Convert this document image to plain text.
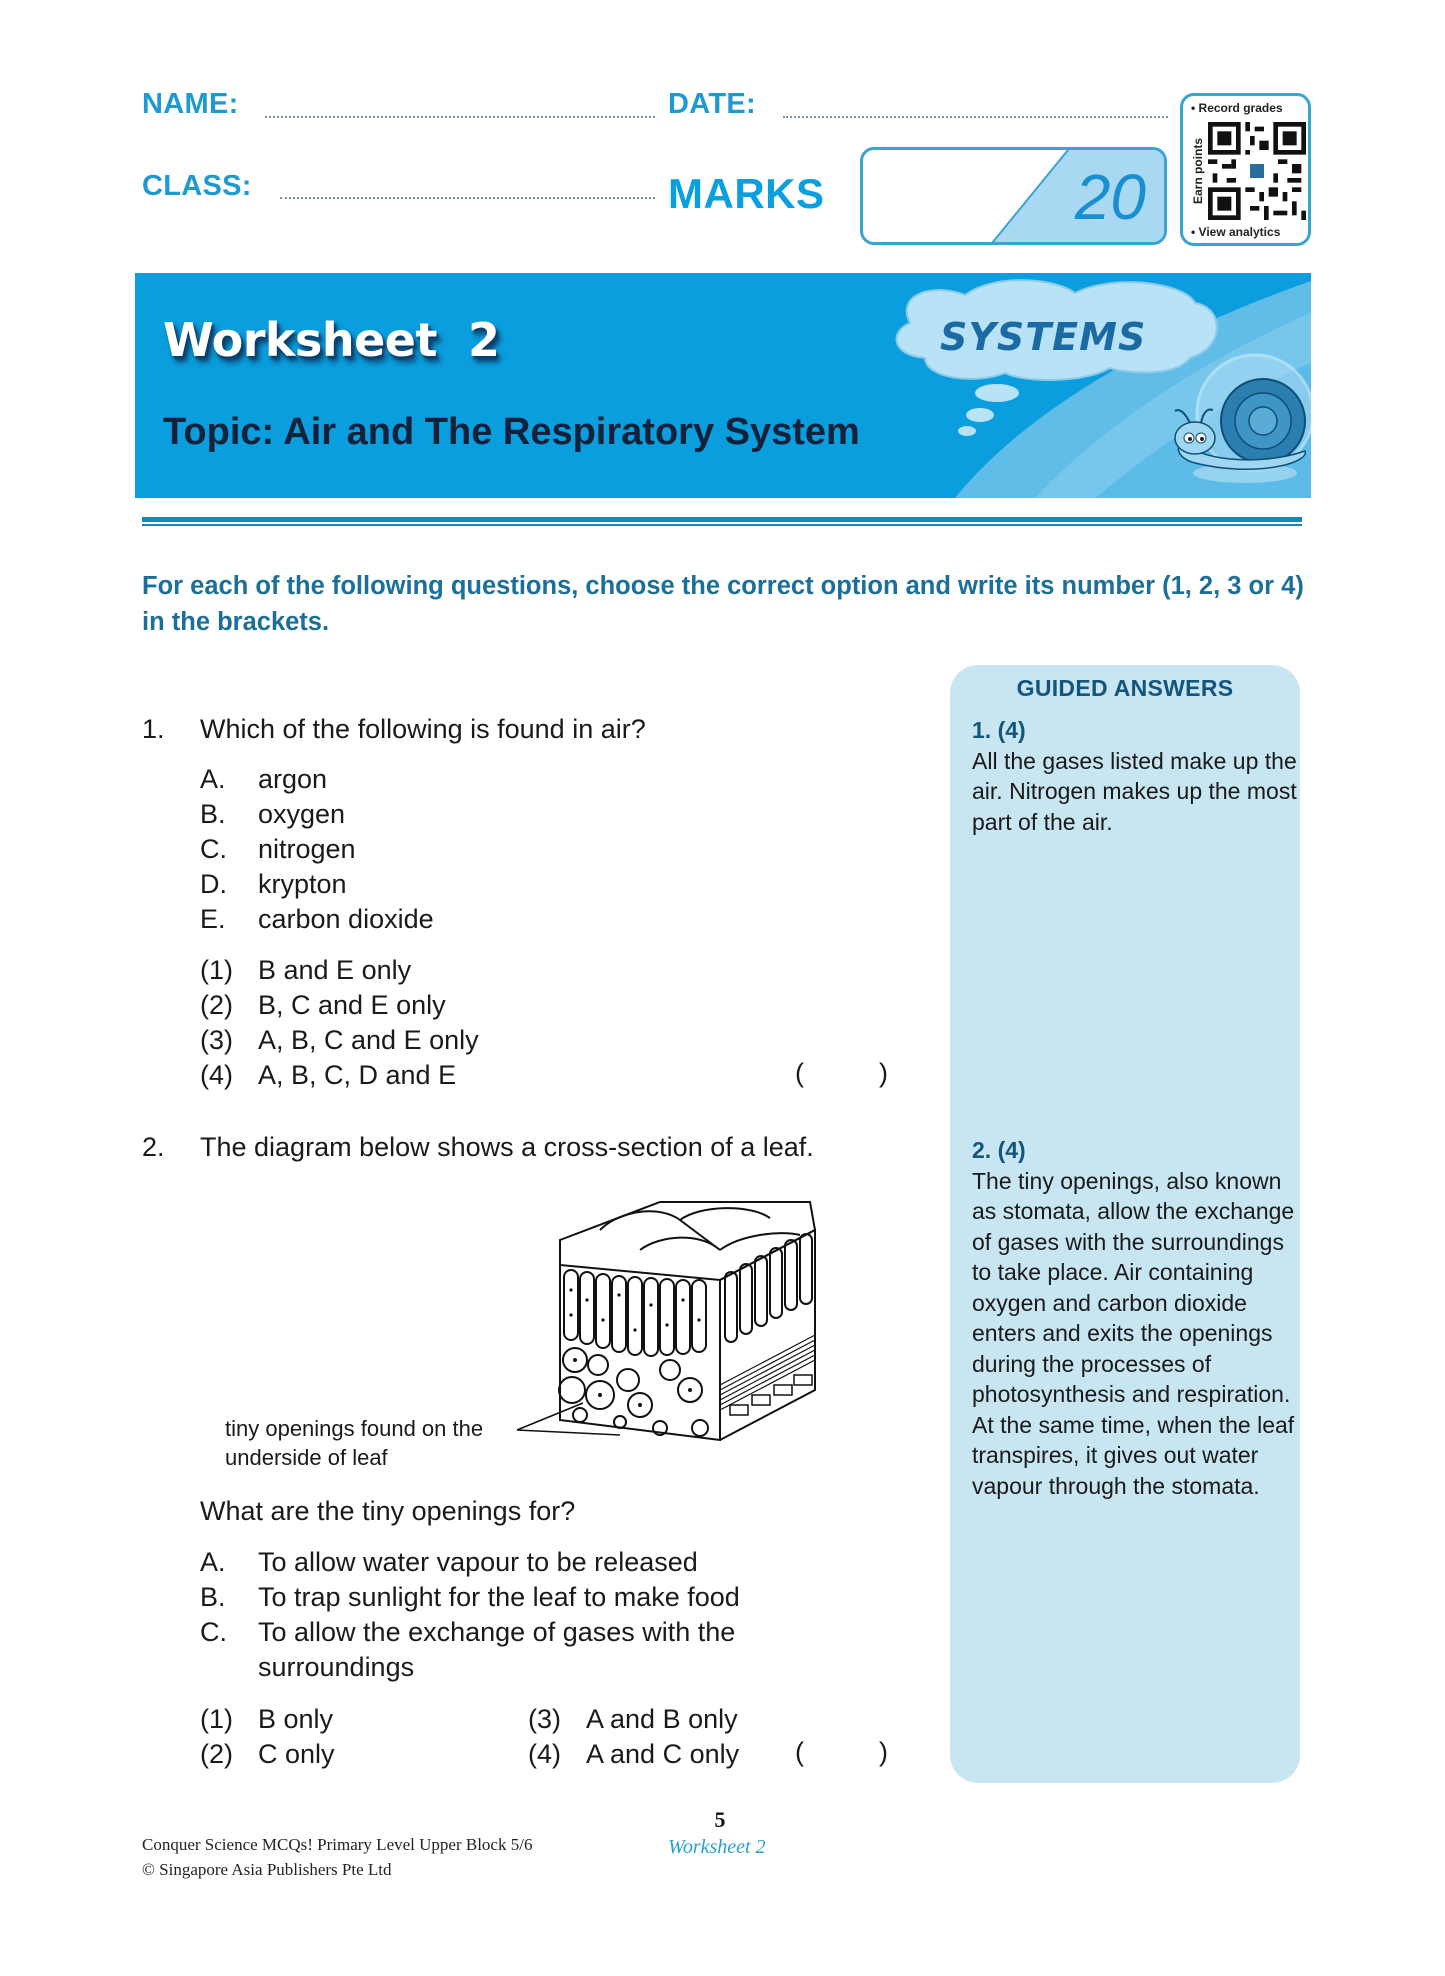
NAME:	DATE:
CLASS:	MARKS	20
• Record grades
Earn points
• View analytics
Worksheet  2
Topic: Air and The Respiratory System
SYSTEMS
For each of the following questions, choose the correct option and write its number (1, 2, 3 or 4) in the brackets.
GUIDED ANSWERS
1. (4)
All the gases listed make up the air. Nitrogen makes up the most part of the air.
2. (4)
The tiny openings, also known as stomata, allow the exchange of gases with the surroundings to take place. Air containing oxygen and carbon dioxide enters and exits the openings during the processes of photosynthesis and respiration. At the same time, when the leaf transpires, it gives out water vapour through the stomata.
1. Which of the following is found in air?
A. argon
B. oxygen
C. nitrogen
D. krypton
E. carbon dioxide
(1) B and E only
(2) B, C and E only
(3) A, B, C and E only
(4) A, B, C, D and E	(          )
2. The diagram below shows a cross-section of a leaf.
tiny openings found on the
underside of leaf
What are the tiny openings for?
A. To allow water vapour to be released
B. To trap sunlight for the leaf to make food
C. To allow the exchange of gases with the
surroundings
(1) B only
(2) C only
(3) A and B only
(4) A and C only (          )
Conquer Science MCQs! Primary Level Upper Block 5/6
© Singapore Asia Publishers Pte Ltd
5
Worksheet 2
